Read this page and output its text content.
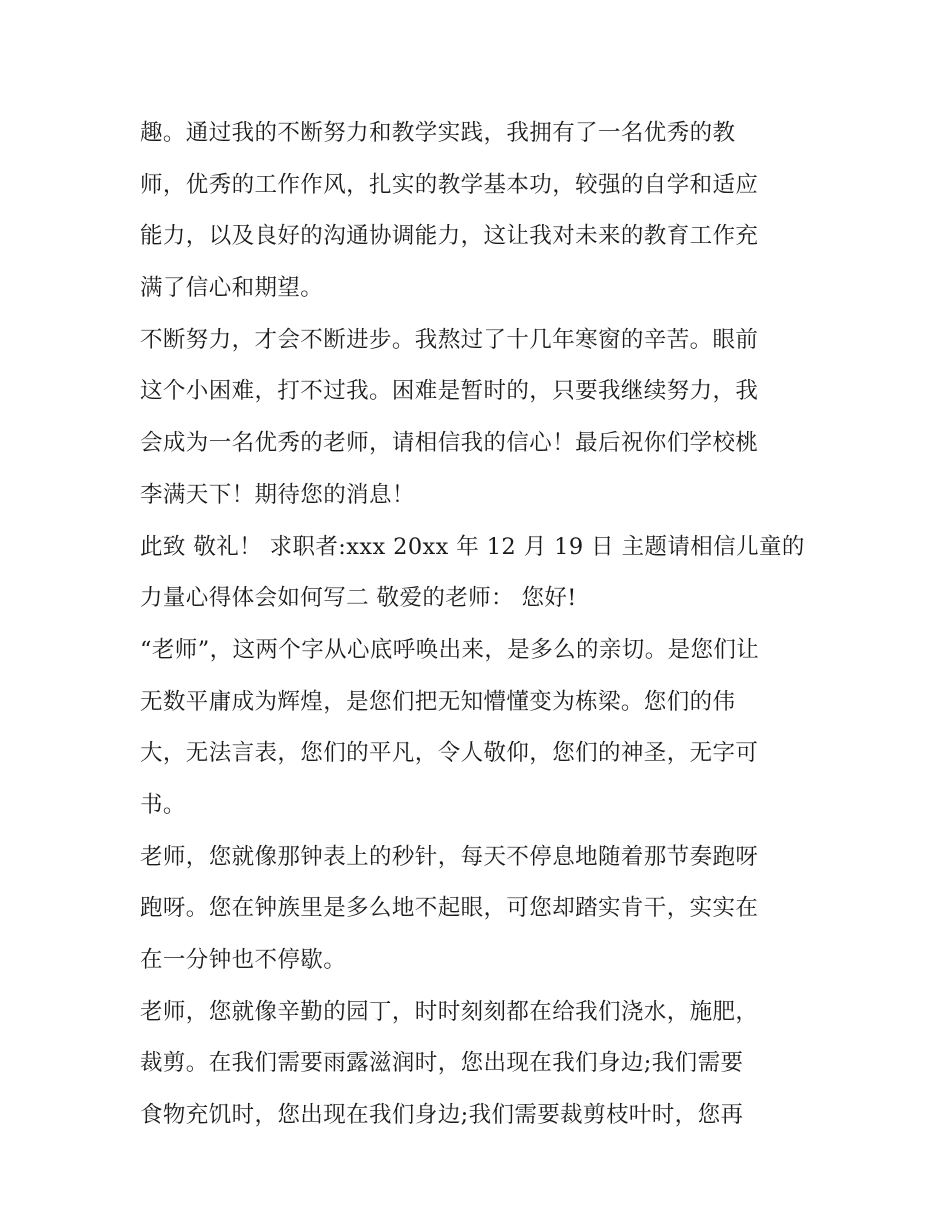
趣。通过我的不断努力和教学实践，我拥有了一名优秀的教
师，优秀的工作作风，扎实的教学基本功，较强的自学和适应
能力，以及良好的沟通协调能力，这让我对未来的教育工作充
满了信心和期望。
不断努力，才会不断进步。我熬过了十几年寒窗的辛苦。眼前
这个小困难，打不过我。困难是暂时的，只要我继续努力，我
会成为一名优秀的老师，请相信我的信心！最后祝你们学校桃
李满天下！期待您的消息！
此致 敬礼！ 求职者:xxx 20xx 年 12 月 19 日 主题请相信儿童的
力量心得体会如何写二 敬爱的老师： 您好!
“老师”，这两个字从心底呼唤出来，是多么的亲切。是您们让
无数平庸成为辉煌，是您们把无知懵懂变为栋梁。您们的伟
大，无法言表，您们的平凡，令人敬仰，您们的神圣，无字可
书。
老师，您就像那钟表上的秒针，每天不停息地随着那节奏跑呀
跑呀。您在钟族里是多么地不起眼，可您却踏实肯干，实实在
在一分钟也不停歇。
老师，您就像辛勤的园丁，时时刻刻都在给我们浇水，施肥，
裁剪。在我们需要雨露滋润时，您出现在我们身边;我们需要
食物充饥时，您出现在我们身边;我们需要裁剪枝叶时，您再
